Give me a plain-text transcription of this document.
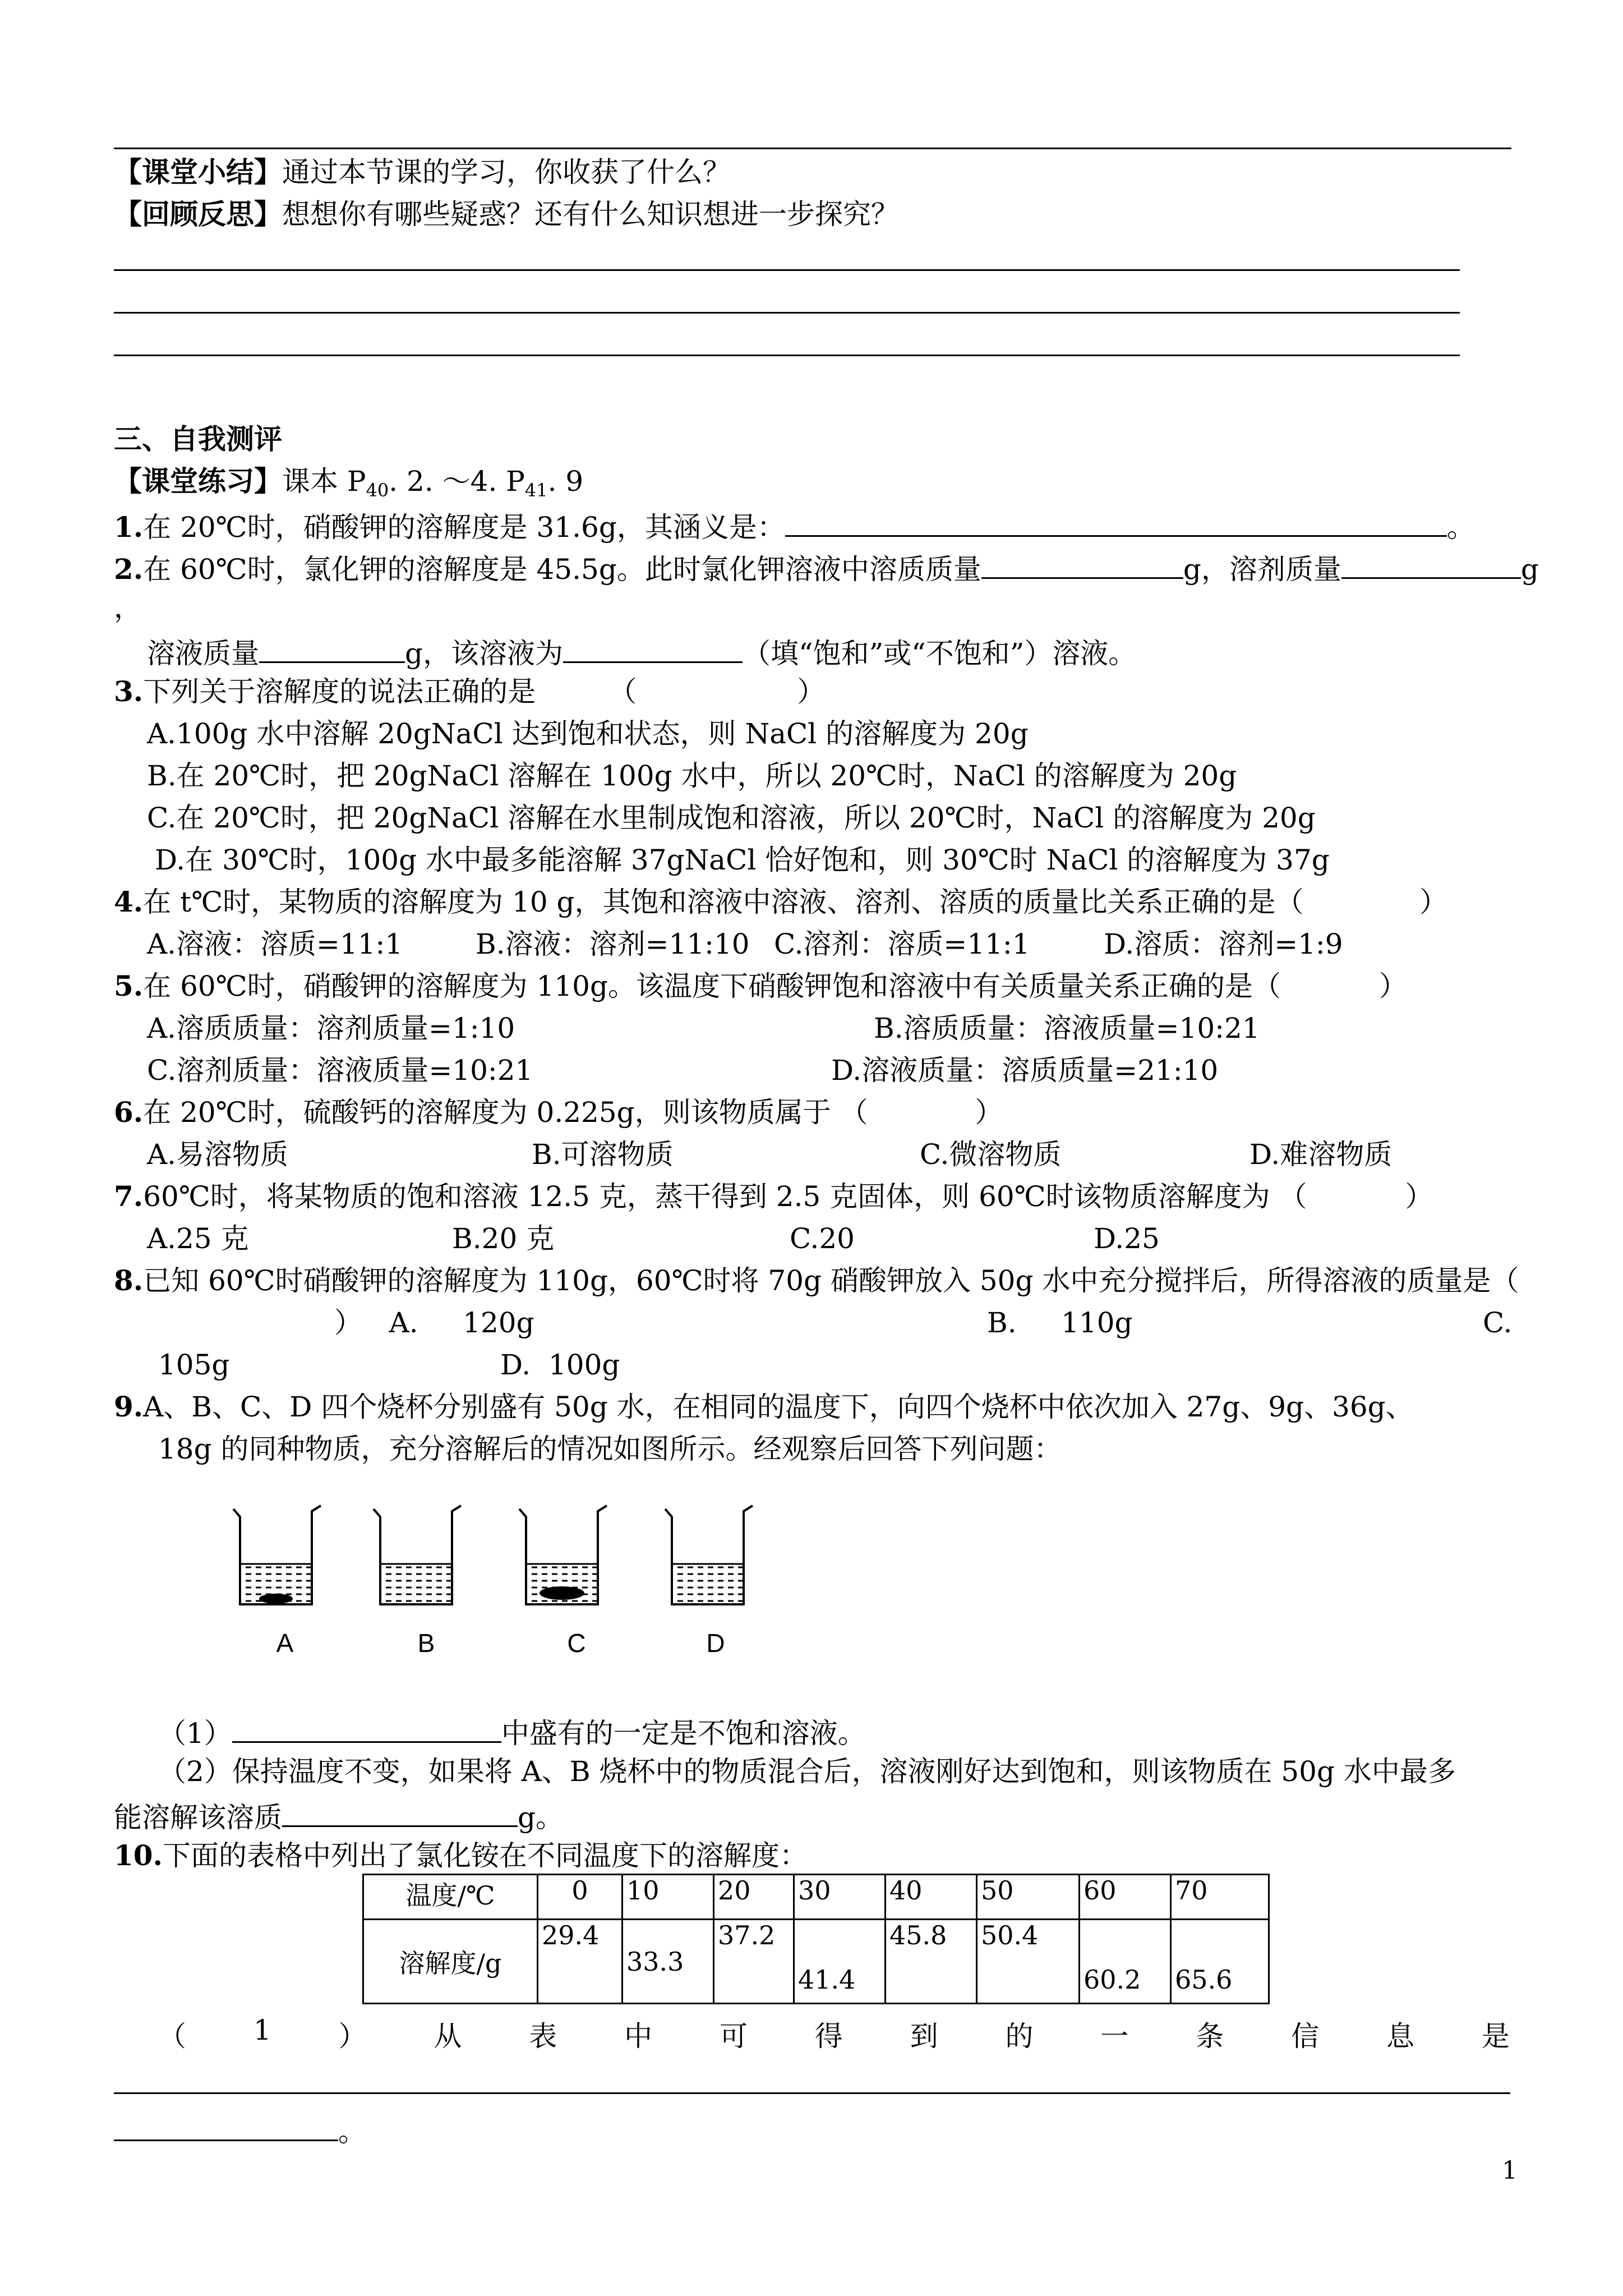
【课堂小结】通过本节课的学习，你收获了什么？
【回顾反思】想想你有哪些疑惑？还有什么知识想进一步探究？
三、自我测评
【课堂练习】课本 $P_{40}$. 2. ～4. $P_{41}$. 9
1.在 20℃时，硝酸钾的溶解度是 31.6g，其涵义是：	。
2.在 60℃时，氯化钾的溶解度是 45.5g。此时氯化钾溶液中溶质质量	g，溶剂质量	g
，
溶液质量	g，该溶液为	（填“饱和”或“不饱和”）溶液。
3.下列关于溶解度的说法正确的是	（                  ）
A.100g 水中溶解 20gNaCl 达到饱和状态，则 NaCl 的溶解度为 20g
B.在 20℃时，把 20gNaCl 溶解在 100g 水中，所以 20℃时，NaCl 的溶解度为 20g
C.在 20℃时，把 20gNaCl 溶解在水里制成饱和溶液，所以 20℃时，NaCl 的溶解度为 20g
D.在 30℃时，100g 水中最多能溶解 37gNaCl 恰好饱和，则 30℃时 NaCl 的溶解度为 37g
4.在 t℃时，某物质的溶解度为 10 g，其饱和溶液中溶液、溶剂、溶质的质量比关系正确的是（             ）
A.溶液：溶质=11:1	B.溶液：溶剂=11:10 C.溶剂：溶质=11:1	D.溶质：溶剂=1:9
5.在 60℃时，硝酸钾的溶解度为 110g。该温度下硝酸钾饱和溶液中有关质量关系正确的是（           ）
A.溶质质量：溶剂质量=1:10	B.溶质质量：溶液质量=10:21
C.溶剂质量：溶液质量=10:21	D.溶液质量：溶质质量=21:10
6.在 20℃时，硫酸钙的溶解度为 0.225g，则该物质属于 （            ）
A.易溶物质	B.可溶物质	C.微溶物质	D.难溶物质
7.60℃时，将某物质的饱和溶液 12.5 克，蒸干得到 2.5 克固体，则 60℃时该物质溶解度为 （           ）
A.25 克	B.20 克	C.20	D.25
8.已知 60℃时硝酸钾的溶解度为 110g，60℃时将 70g 硝酸钾放入 50g 水中充分搅拌后，所得溶液的质量是（
）   A.     120g	B.     110g	C.
105g	D.  100g
9.A、B、C、D 四个烧杯分别盛有 50g 水，在相同的温度下，向四个烧杯中依次加入 27g、9g、36g、
18g 的同种物质，充分溶解后的情况如图所示。经观察后回答下列问题：
A	B	C	D
（1）	中盛有的一定是不饱和溶液。
（2）保持温度不变，如果将 A、B 烧杯中的物质混合后，溶液刚好达到饱和，则该物质在 50g 水中最多
能溶解该溶质	g。
10.下面的表格中列出了氯化铵在不同温度下的溶解度：
温度/℃	0	10	20	30	40	50	60	70
溶解度/g	29.4	33.3	37.2	41.4	45.8	50.4	60.2	65.6
（ 1 ） 从 表 中 可 得 到 的 一 条 信 息 是
。
1
